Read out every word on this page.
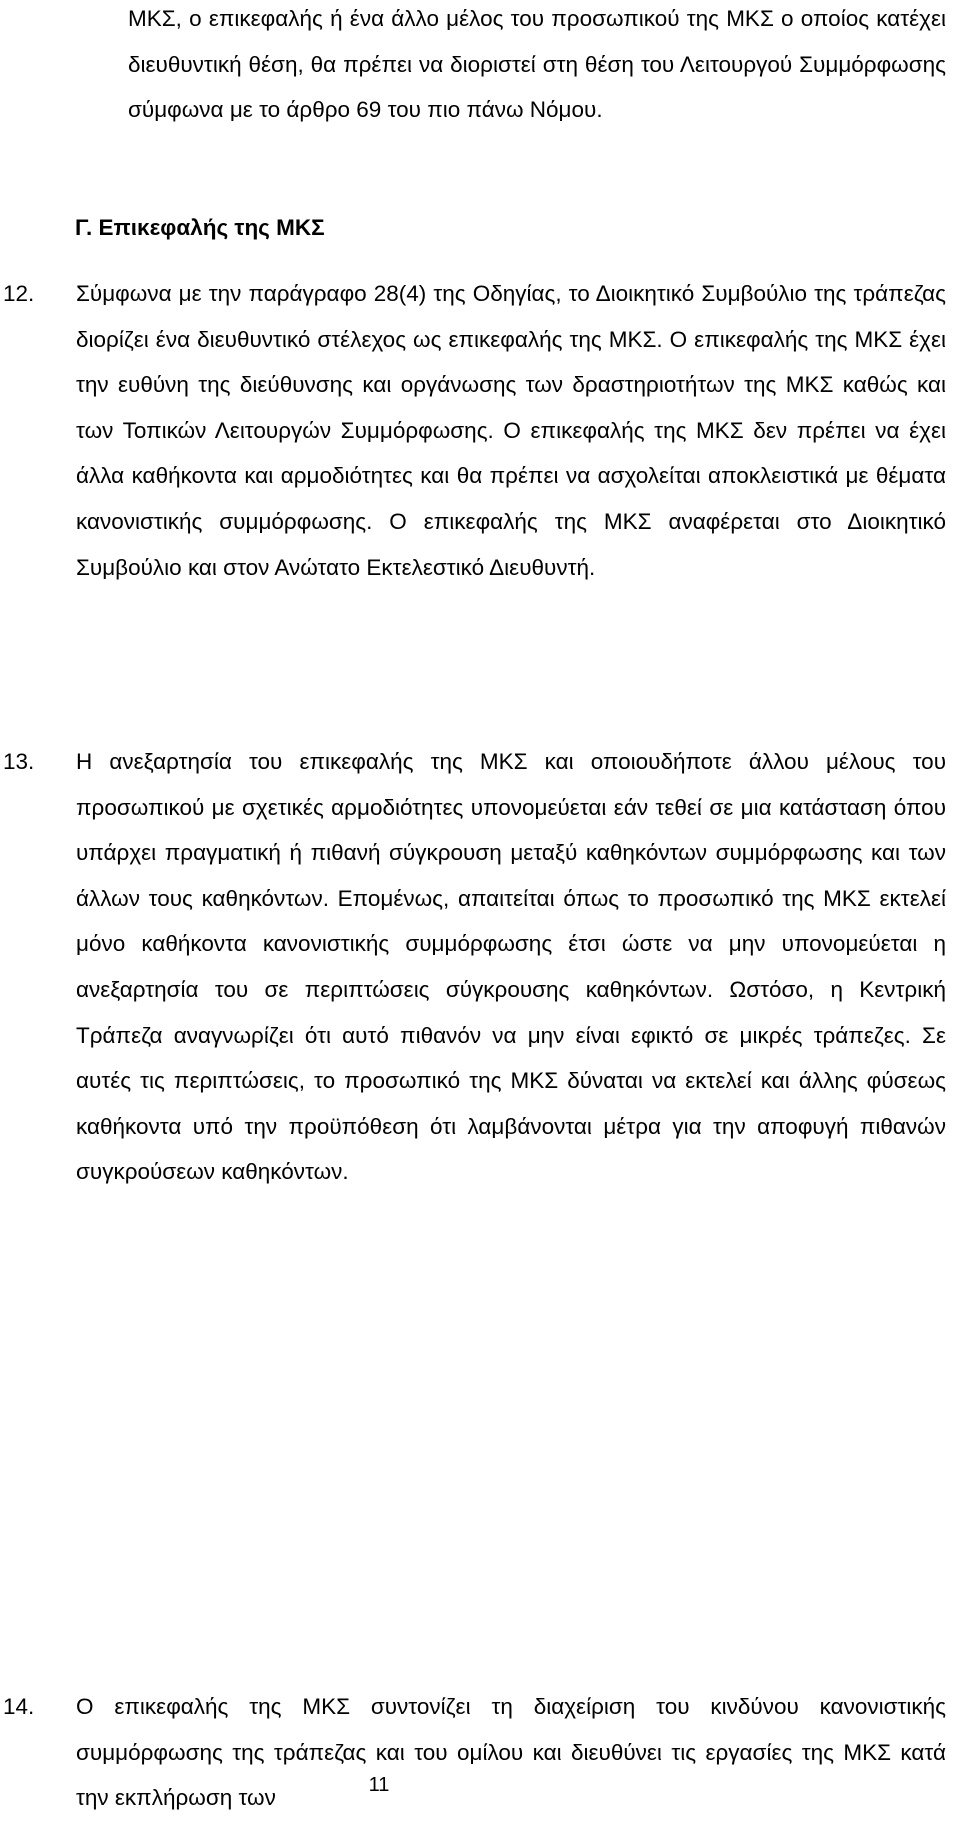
ΜΚΣ, ο επικεφαλής ή ένα άλλο μέλος του προσωπικού της ΜΚΣ ο οποίος κατέχει διευθυντική θέση, θα πρέπει να διοριστεί στη θέση του Λειτουργού Συμμόρφωσης σύμφωνα με το άρθρο 69 του πιο πάνω Νόμου.
Γ. Επικεφαλής της ΜΚΣ
12. Σύμφωνα με την παράγραφο 28(4) της Οδηγίας, το Διοικητικό Συμβούλιο της τράπεζας διορίζει ένα διευθυντικό στέλεχος ως επικεφαλής της ΜΚΣ. Ο επικεφαλής της ΜΚΣ έχει την ευθύνη της διεύθυνσης και οργάνωσης των δραστηριοτήτων της ΜΚΣ καθώς και των Τοπικών Λειτουργών Συμμόρφωσης. Ο επικεφαλής της ΜΚΣ δεν πρέπει να έχει άλλα καθήκοντα και αρμοδιότητες και θα πρέπει να ασχολείται αποκλειστικά με θέματα κανονιστικής συμμόρφωσης. Ο επικεφαλής της ΜΚΣ αναφέρεται στο Διοικητικό Συμβούλιο και στον Ανώτατο Εκτελεστικό Διευθυντή.
13. Η ανεξαρτησία του επικεφαλής της ΜΚΣ και οποιουδήποτε άλλου μέλους του προσωπικού με σχετικές αρμοδιότητες υπονομεύεται εάν τεθεί σε μια κατάσταση όπου υπάρχει πραγματική ή πιθανή σύγκρουση μεταξύ καθηκόντων συμμόρφωσης και των άλλων τους καθηκόντων. Επομένως, απαιτείται όπως το προσωπικό της ΜΚΣ εκτελεί μόνο καθήκοντα κανονιστικής συμμόρφωσης έτσι ώστε να μην υπονομεύεται η ανεξαρτησία του σε περιπτώσεις σύγκρουσης καθηκόντων. Ωστόσο, η Κεντρική Τράπεζα αναγνωρίζει ότι αυτό πιθανόν να μην είναι εφικτό σε μικρές τράπεζες. Σε αυτές τις περιπτώσεις, το προσωπικό της ΜΚΣ δύναται να εκτελεί και άλλης φύσεως καθήκοντα υπό την προϋπόθεση ότι λαμβάνονται μέτρα για την αποφυγή πιθανών συγκρούσεων καθηκόντων.
14. Ο επικεφαλής της ΜΚΣ συντονίζει τη διαχείριση του κινδύνου κανονιστικής συμμόρφωσης της τράπεζας και του ομίλου και διευθύνει τις εργασίες της ΜΚΣ κατά την εκπλήρωση των
11
